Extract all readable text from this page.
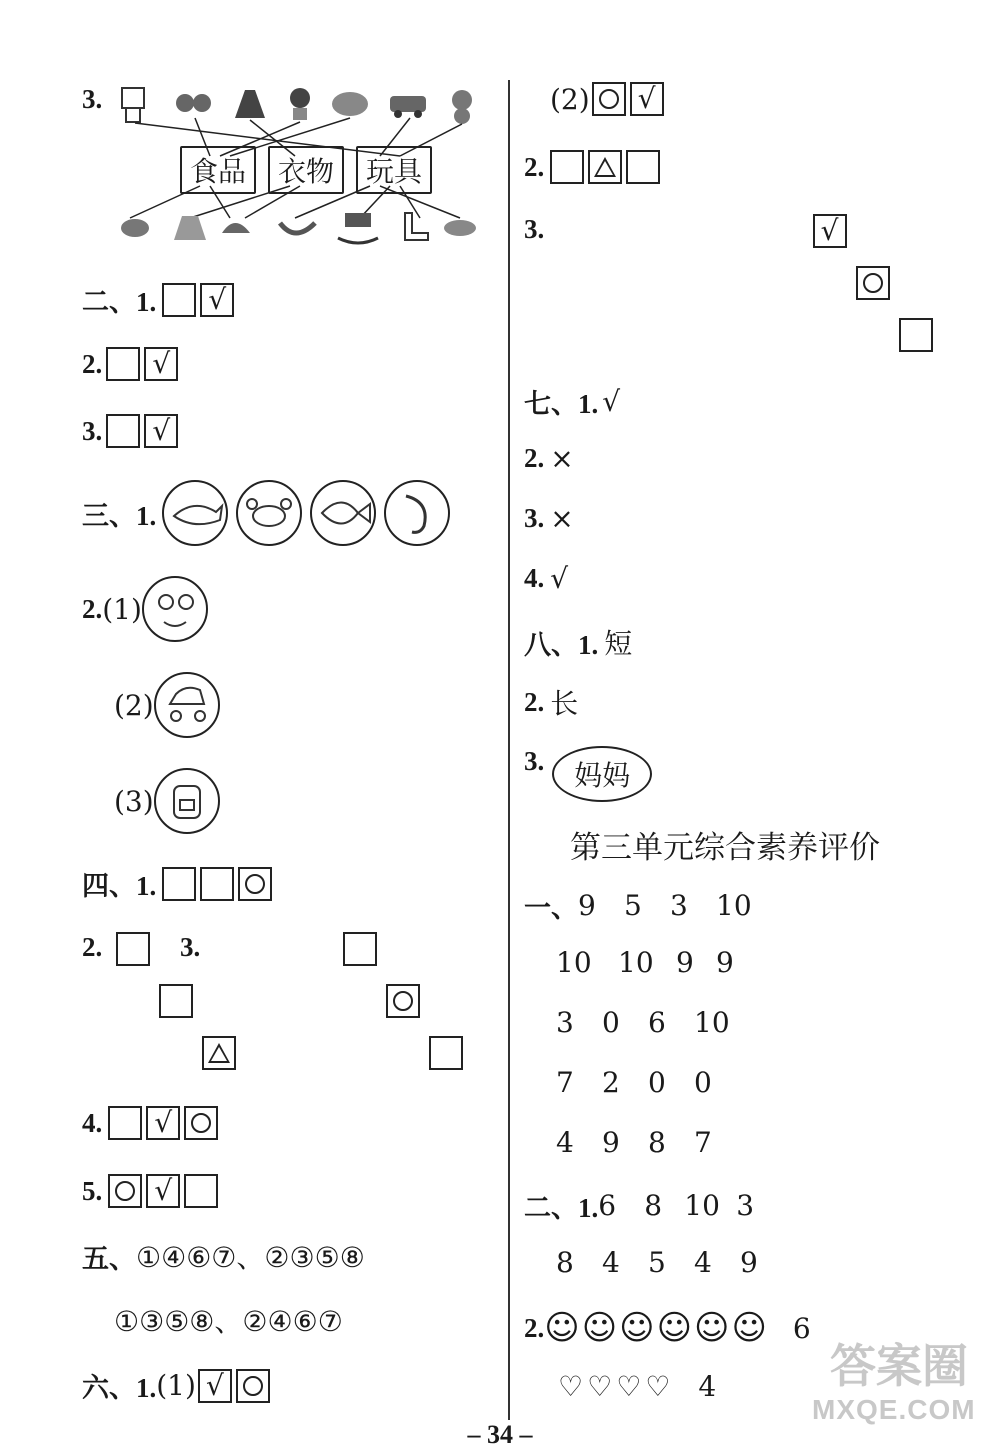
3.
食品	衣物	玩具
二、1. √
2. √
3. √
三、1.
2. (1)
(2)
(3)
四、1.
2.

	3.

4. √
5. √
五、 ①④⑥⑦、②③⑤⑧
①③⑤⑧、②④⑥⑦
六、1. (1) √
(2) √
2.
3.	√

七、1. √
2. ×
3. ×
4. √
八、1. 短
2. 长
3.	妈妈
第三单元综合素养评价
一、 9	5	3	10
10 10 9 9
3	0	6	10
7	2	0	0
4	9	8	7
二、1. 6	8 10 3
8	4	5	4	9
2. ☺☺☺☺☺☺ 6
♡♡♡♡ 4 答案圈
MXQE.COM
– 34 –
